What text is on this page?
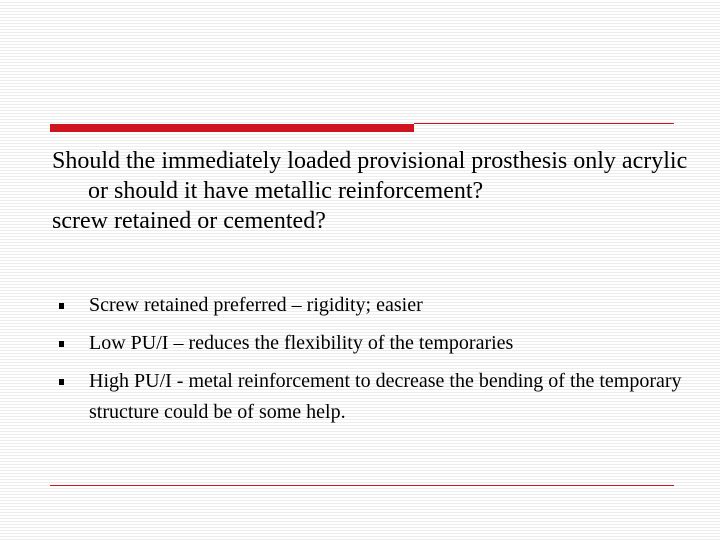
Should the immediately loaded provisional prosthesis only acrylic or should it have metallic reinforcement?
screw retained or cemented?
Screw retained preferred – rigidity; easier
Low PU/I – reduces the flexibility of the temporaries
High PU/I - metal reinforcement to decrease the bending of the temporary structure could be of some help.
